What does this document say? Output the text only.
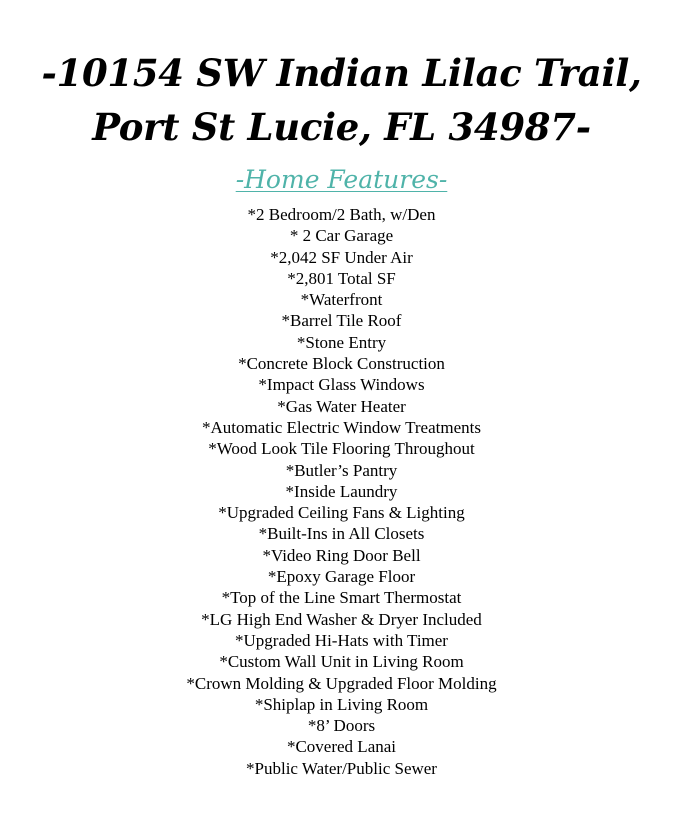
-10154 SW Indian Lilac Trail,
Port St Lucie, FL 34987-
-Home Features-
*2 Bedroom/2 Bath, w/Den
* 2 Car Garage
*2,042 SF Under Air
*2,801 Total SF
*Waterfront
*Barrel Tile Roof
*Stone Entry
*Concrete Block Construction
*Impact Glass Windows
*Gas Water Heater
*Automatic Electric Window Treatments
*Wood Look Tile Flooring Throughout
*Butler’s Pantry
*Inside Laundry
*Upgraded Ceiling Fans & Lighting
*Built-Ins in All Closets
*Video Ring Door Bell
*Epoxy Garage Floor
*Top of the Line Smart Thermostat
*LG High End Washer & Dryer Included
*Upgraded Hi-Hats with Timer
*Custom Wall Unit in Living Room
*Crown Molding & Upgraded Floor Molding
*Shiplap in Living Room
*8’ Doors
*Covered Lanai
*Public Water/Public Sewer
